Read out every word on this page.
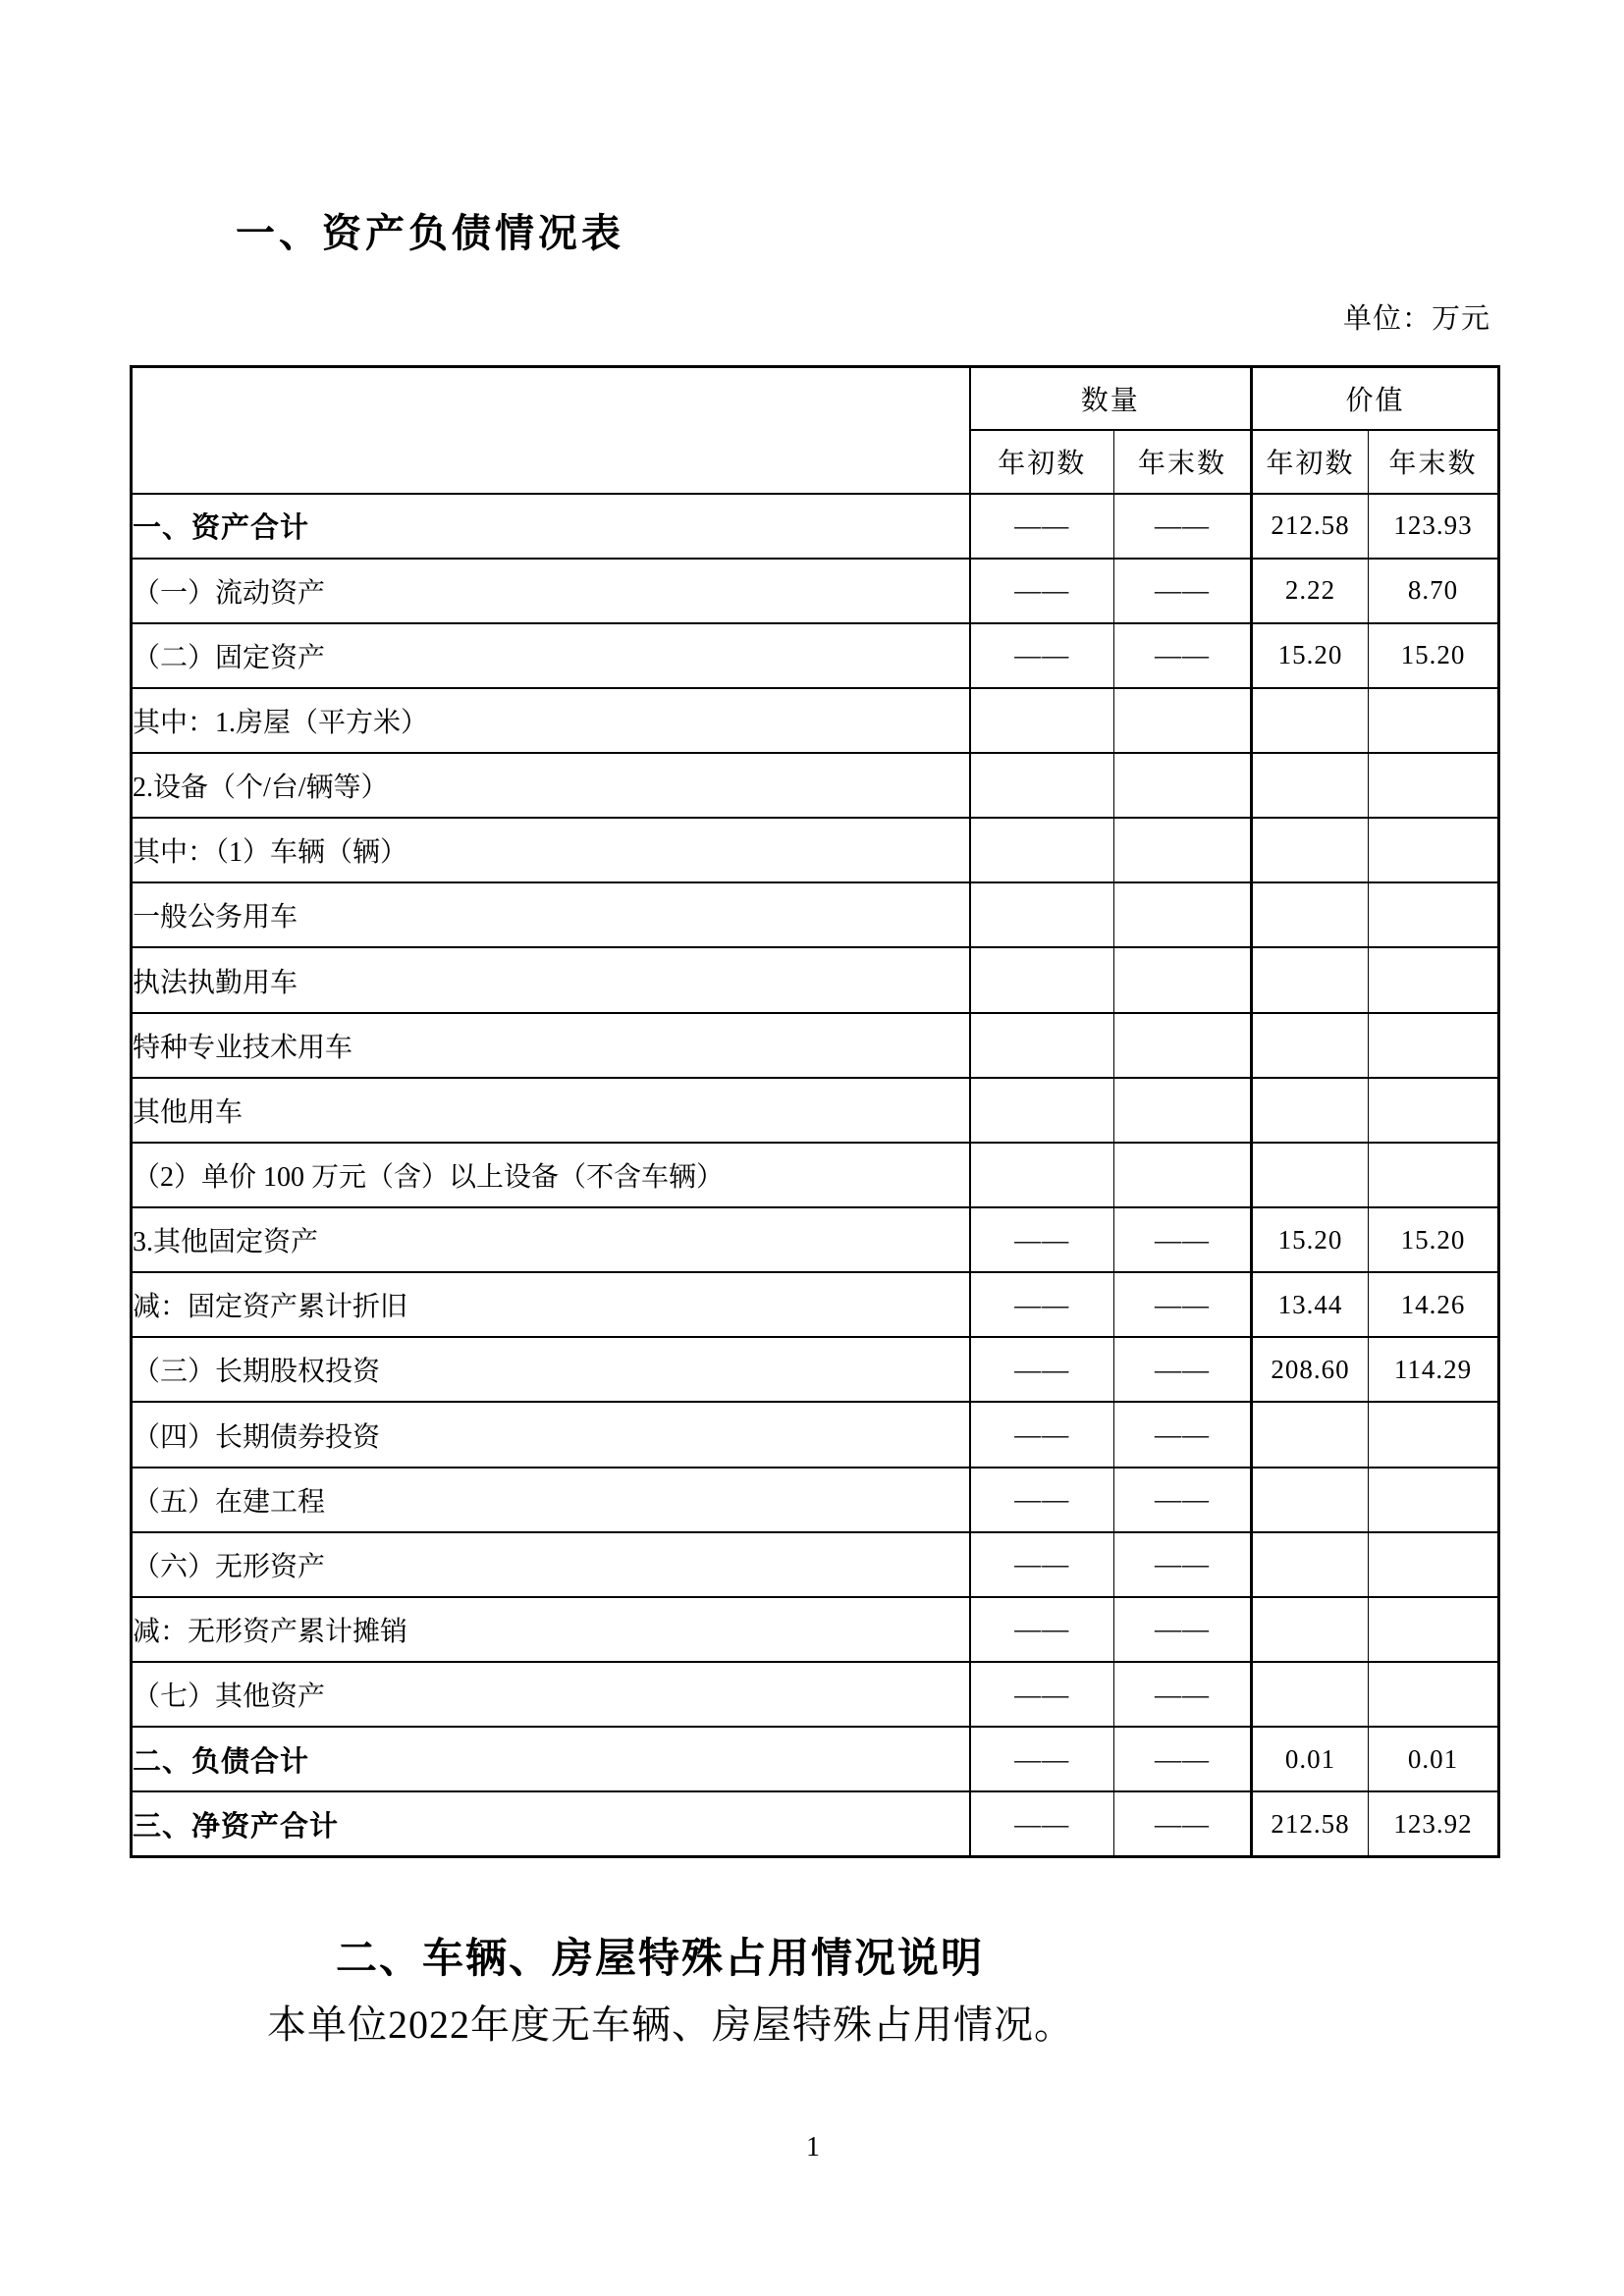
一、资产负债情况表
单位：万元
	数量		价值	
	年初数	年末数	年初数	年末数
一、资产合计	——	——	212.58	123.93
（一）流动资产	——	——	2.22	8.70
（二）固定资产	——	——	15.20	15.20
其中：1.房屋（平方米）				
2.设备（个/台/辆等）				
其中：（1）车辆（辆）				
一般公务用车				
执法执勤用车				
特种专业技术用车				
其他用车				
（2）单价 100 万元（含）以上设备（不含车辆）				
3.其他固定资产	——	——	15.20	15.20
减：固定资产累计折旧	——	——	13.44	14.26
（三）长期股权投资	——	——	208.60	114.29
（四）长期债券投资	——	——		
（五）在建工程	——	——		
（六）无形资产	——	——		
减：无形资产累计摊销	——	——		
（七）其他资产	——	——		
二、负债合计	——	——	0.01	0.01
三、净资产合计	——	——	212.58	123.92
二、车辆、房屋特殊占用情况说明
本单位2022年度无车辆、房屋特殊占用情况。
1
